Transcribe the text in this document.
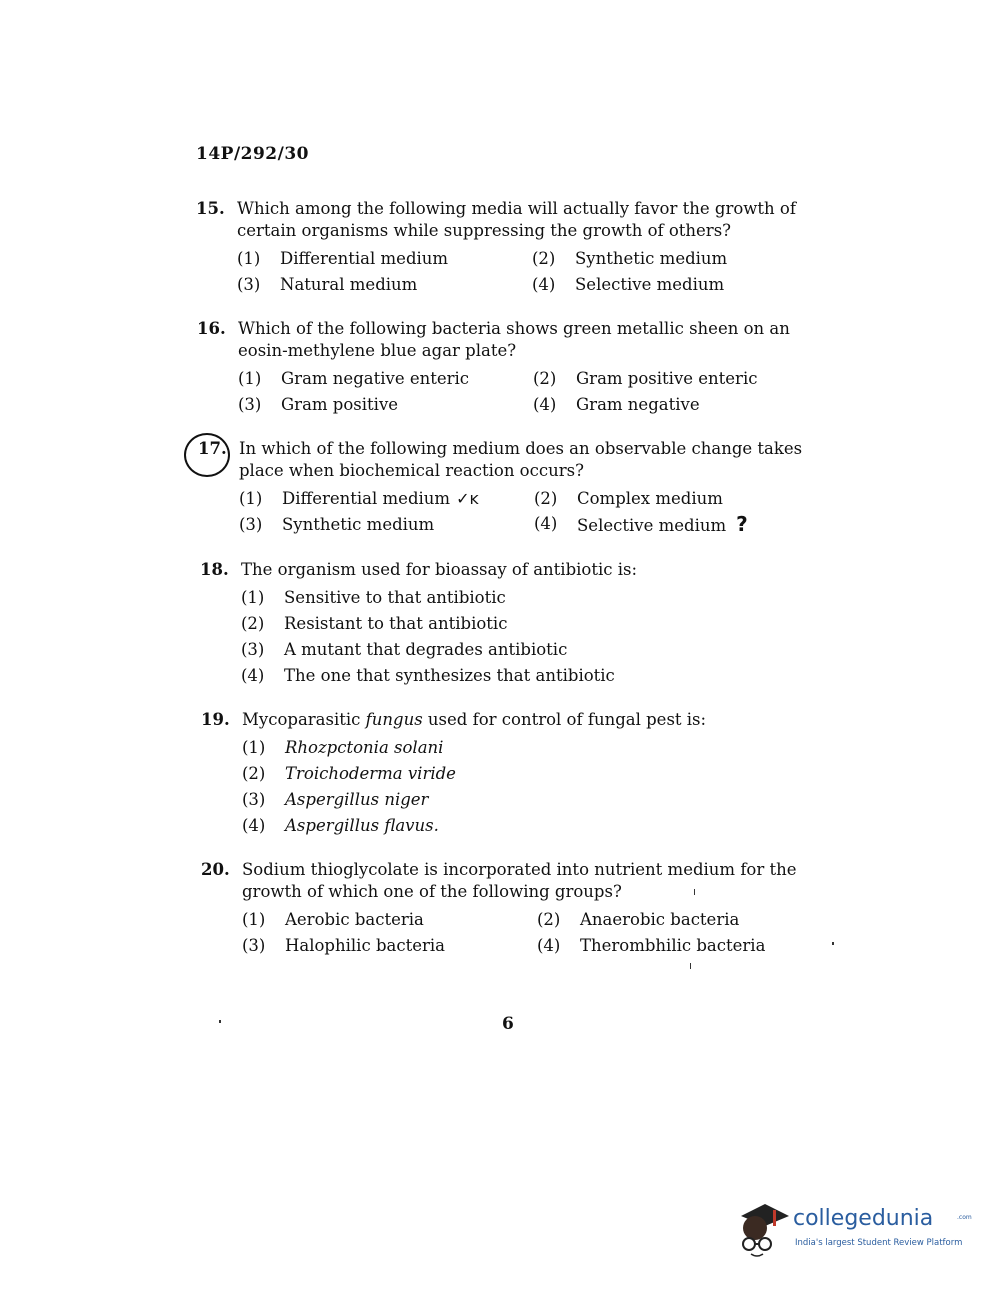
14P/292/30
15. Which among the following media will actually favor the growth of certain organisms while suppressing the growth of others?
(1)	Differential medium	(2)	Synthetic medium
(3)	Natural medium	(4)	Selective medium
16. Which of the following bacteria shows green metallic sheen on an eosin-methylene blue agar plate?
(1)	Gram negative enteric	(2)	Gram positive enteric
(3)	Gram positive	(4)	Gram negative
17. In which of the following medium does an observable change takes place when biochemical reaction occurs?
(1)	Differential medium ✓ĸ	(2)	Complex medium
(3)	Synthetic medium	(4)	Selective medium ?
18. The organism used for bioassay of antibiotic is:
(1)	Sensitive to that antibiotic
(2)	Resistant to that antibiotic
(3)	A mutant that degrades antibiotic
(4)	The one that synthesizes that antibiotic
19. Mycoparasitic fungus used for control of fungal pest is:
(1)	Rhozpctonia solani
(2)	Troichoderma viride
(3)	Aspergillus niger
(4)	Aspergillus flavus.
20. Sodium thioglycolate is incorporated into nutrient medium for the growth of which one of the following groups?
(1)	Aerobic bacteria	(2)	Anaerobic bacteria
(3)	Halophilic bacteria	(4)	Therombhilic bacteria
6
collegedunia	.com
India's largest Student Review Platform
